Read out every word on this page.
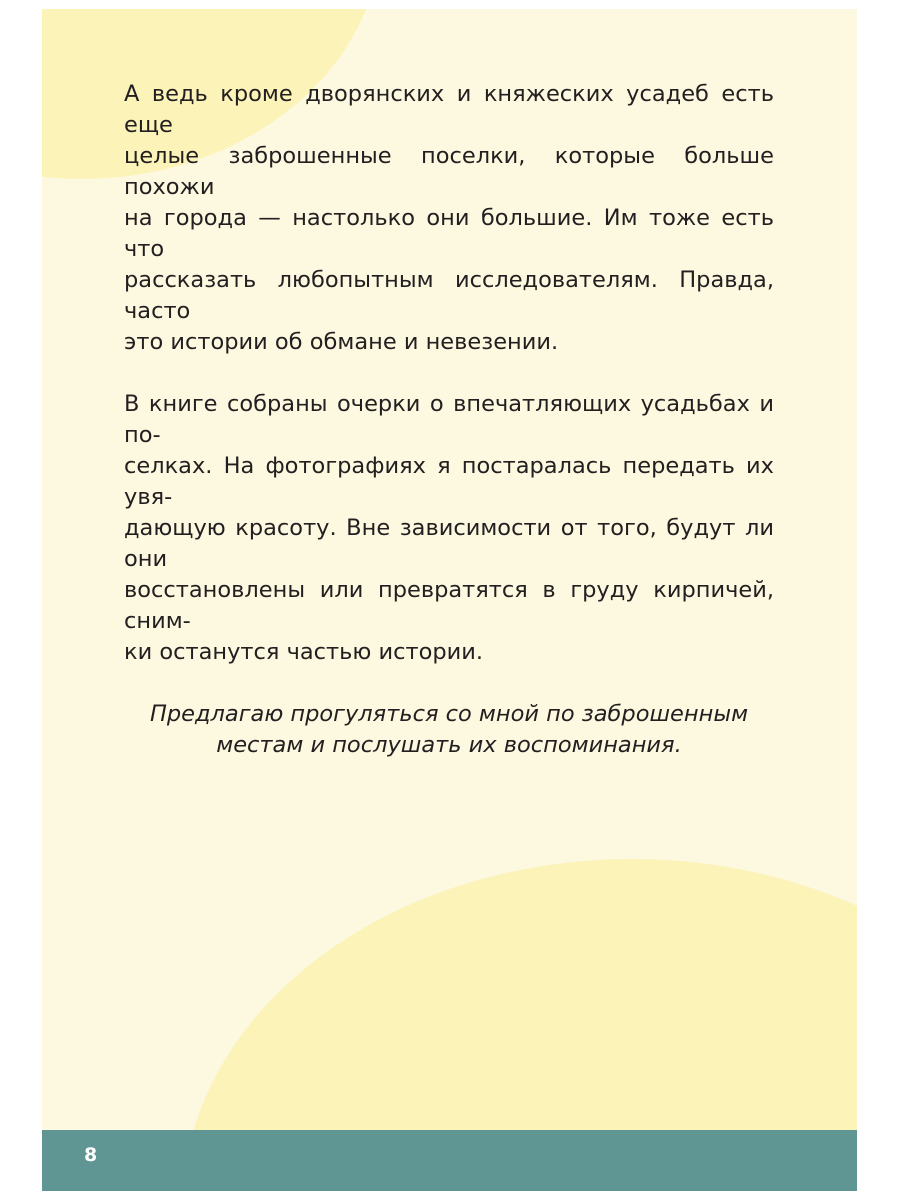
А ведь кроме дворянских и княжеских усадеб есть еще
целые заброшенные поселки, которые больше похожи
на города — настолько они большие. Им тоже есть что
рассказать любопытным исследователям. Правда, часто
это истории об обмане и невезении.

В книге собраны очерки о впечатляющих усадьбах и по-
селках. На фотографиях я постаралась передать их увя-
дающую красоту. Вне зависимости от того, будут ли они
восстановлены или превратятся в груду кирпичей, сним-
ки останутся частью истории.

Предлагаю прогуляться со мной по заброшенным
местам и послушать их воспоминания.

8
